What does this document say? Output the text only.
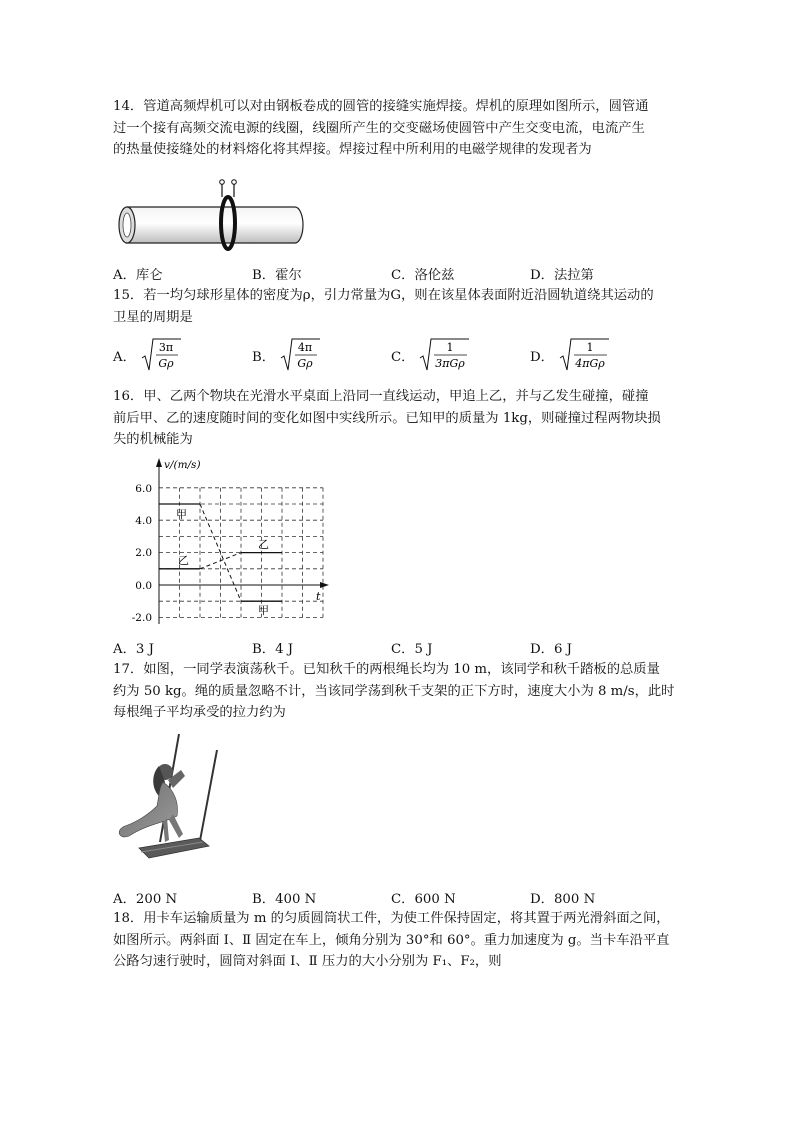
14．管道高频焊机可以对由钢板卷成的圆管的接缝实施焊接。焊机的原理如图所示，圆管通
过一个接有高频交流电源的线圈，线圈所产生的交变磁场使圆管中产生交变电流，电流产生
的热量使接缝处的材料熔化将其焊接。焊接过程中所利用的电磁学规律的发现者为
A．库仑	B．霍尔	C．洛伦兹	D．法拉第
15．若一均匀球形星体的密度为ρ，引力常量为G，则在该星体表面附近沿圆轨道绕其运动的
卫星的周期是
A．
3π
Gρ	B．
4π
Gρ	C．
1
3πGρ	D．
1
4πGρ
16．甲、乙两个物块在光滑水平桌面上沿同一直线运动，甲追上乙，并与乙发生碰撞，碰撞
前后甲、乙的速度随时间的变化如图中实线所示。已知甲的质量为 1kg，则碰撞过程两物块损
失的机械能为
v/(m/s)
t
6.0
4.0
2.0
0.0
-2.0
甲
乙
乙
甲
A．3 J	B．4 J	C．5 J	D．6 J
17．如图，一同学表演荡秋千。已知秋千的两根绳长均为 10 m，该同学和秋千踏板的总质量
约为 50 kg。绳的质量忽略不计，当该同学荡到秋千支架的正下方时，速度大小为 8 m/s，此时
每根绳子平均承受的拉力约为
A．200 N	B．400 N	C．600 N	D．800 N
18．用卡车运输质量为 m 的匀质圆筒状工件，为使工件保持固定，将其置于两光滑斜面之间，
如图所示。两斜面 Ⅰ、Ⅱ 固定在车上，倾角分别为 30°和 60°。重力加速度为 g。当卡车沿平直
公路匀速行驶时，圆筒对斜面 Ⅰ、Ⅱ 压力的大小分别为 F₁、F₂，则
